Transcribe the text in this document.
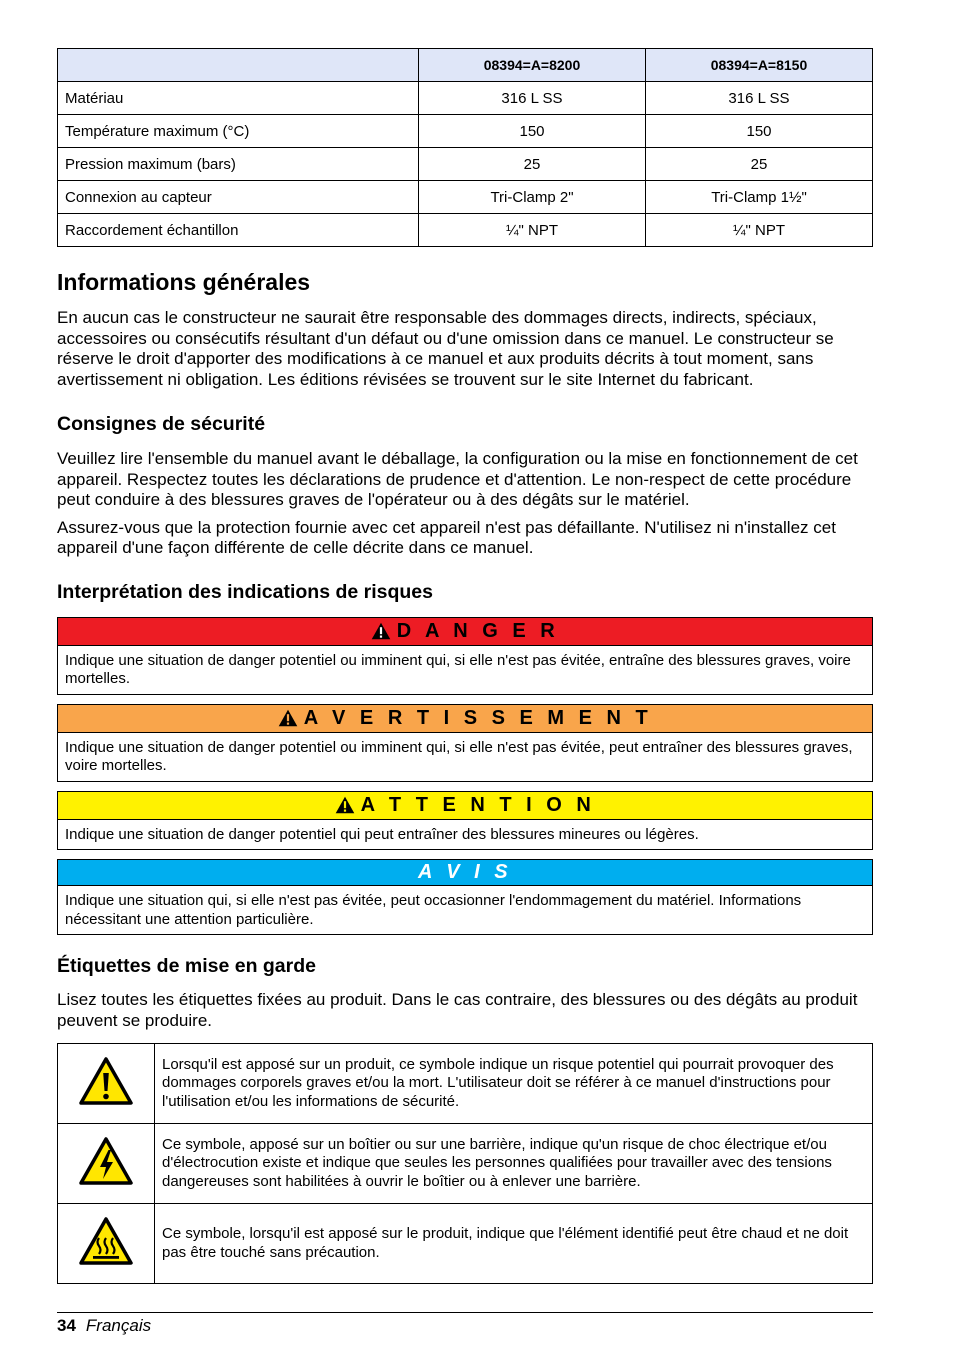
	08394=A=8200	08394=A=8150
Matériau	316 L SS	316 L SS
Température maximum (°C)	150	150
Pression maximum (bars)	25	25
Connexion au capteur	Tri-Clamp 2"	Tri-Clamp 1½"
Raccordement échantillon	¼" NPT	¼" NPT
Informations générales

En aucun cas le constructeur ne saurait être responsable des dommages directs, indirects, spéciaux, accessoires ou consécutifs résultant d'un défaut ou d'une omission dans ce manuel. Le constructeur se réserve le droit d'apporter des modifications à ce manuel et aux produits décrits à tout moment, sans avertissement ni obligation. Les éditions révisées se trouvent sur le site Internet du fabricant.

Consignes de sécurité

Veuillez lire l'ensemble du manuel avant le déballage, la configuration ou la mise en fonctionnement de cet appareil. Respectez toutes les déclarations de prudence et d'attention. Le non-respect de cette procédure peut conduire à des blessures graves de l'opérateur ou à des dégâts sur le matériel.

Assurez-vous que la protection fournie avec cet appareil n'est pas défaillante. N'utilisez ni n'installez cet appareil d'une façon différente de celle décrite dans ce manuel.

Interprétation des indications de risques
D A N G E R
Indique une situation de danger potentiel ou imminent qui, si elle n'est pas évitée, entraîne des blessures graves, voire mortelles.
A V E R T I S S E M E N T
Indique une situation de danger potentiel ou imminent qui, si elle n'est pas évitée, peut entraîner des blessures graves, voire mortelles.
A T T E N T I O N
Indique une situation de danger potentiel qui peut entraîner des blessures mineures ou légères.
A V I S
Indique une situation qui, si elle n'est pas évitée, peut occasionner l'endommagement du matériel. Informations nécessitant une attention particulière.
Étiquettes de mise en garde

Lisez toutes les étiquettes fixées au produit. Dans le cas contraire, des blessures ou des dégâts au produit peuvent se produire.

	Lorsqu'il est apposé sur un produit, ce symbole indique un risque potentiel qui pourrait provoquer des dommages corporels graves et/ou la mort. L'utilisateur doit se référer à ce manuel d'instructions pour l'utilisation et/ou les informations de sécurité.
	Ce symbole, apposé sur un boîtier ou sur une barrière, indique qu'un risque de choc électrique et/ou d'électrocution existe et indique que seules les personnes qualifiées pour travailler avec des tensions dangereuses sont habilitées à ouvrir le boîtier ou à enlever une barrière.
	Ce symbole, lorsqu'il est apposé sur le produit, indique que l'élément identifié peut être chaud et ne doit pas être touché sans précaution.
34 Français
